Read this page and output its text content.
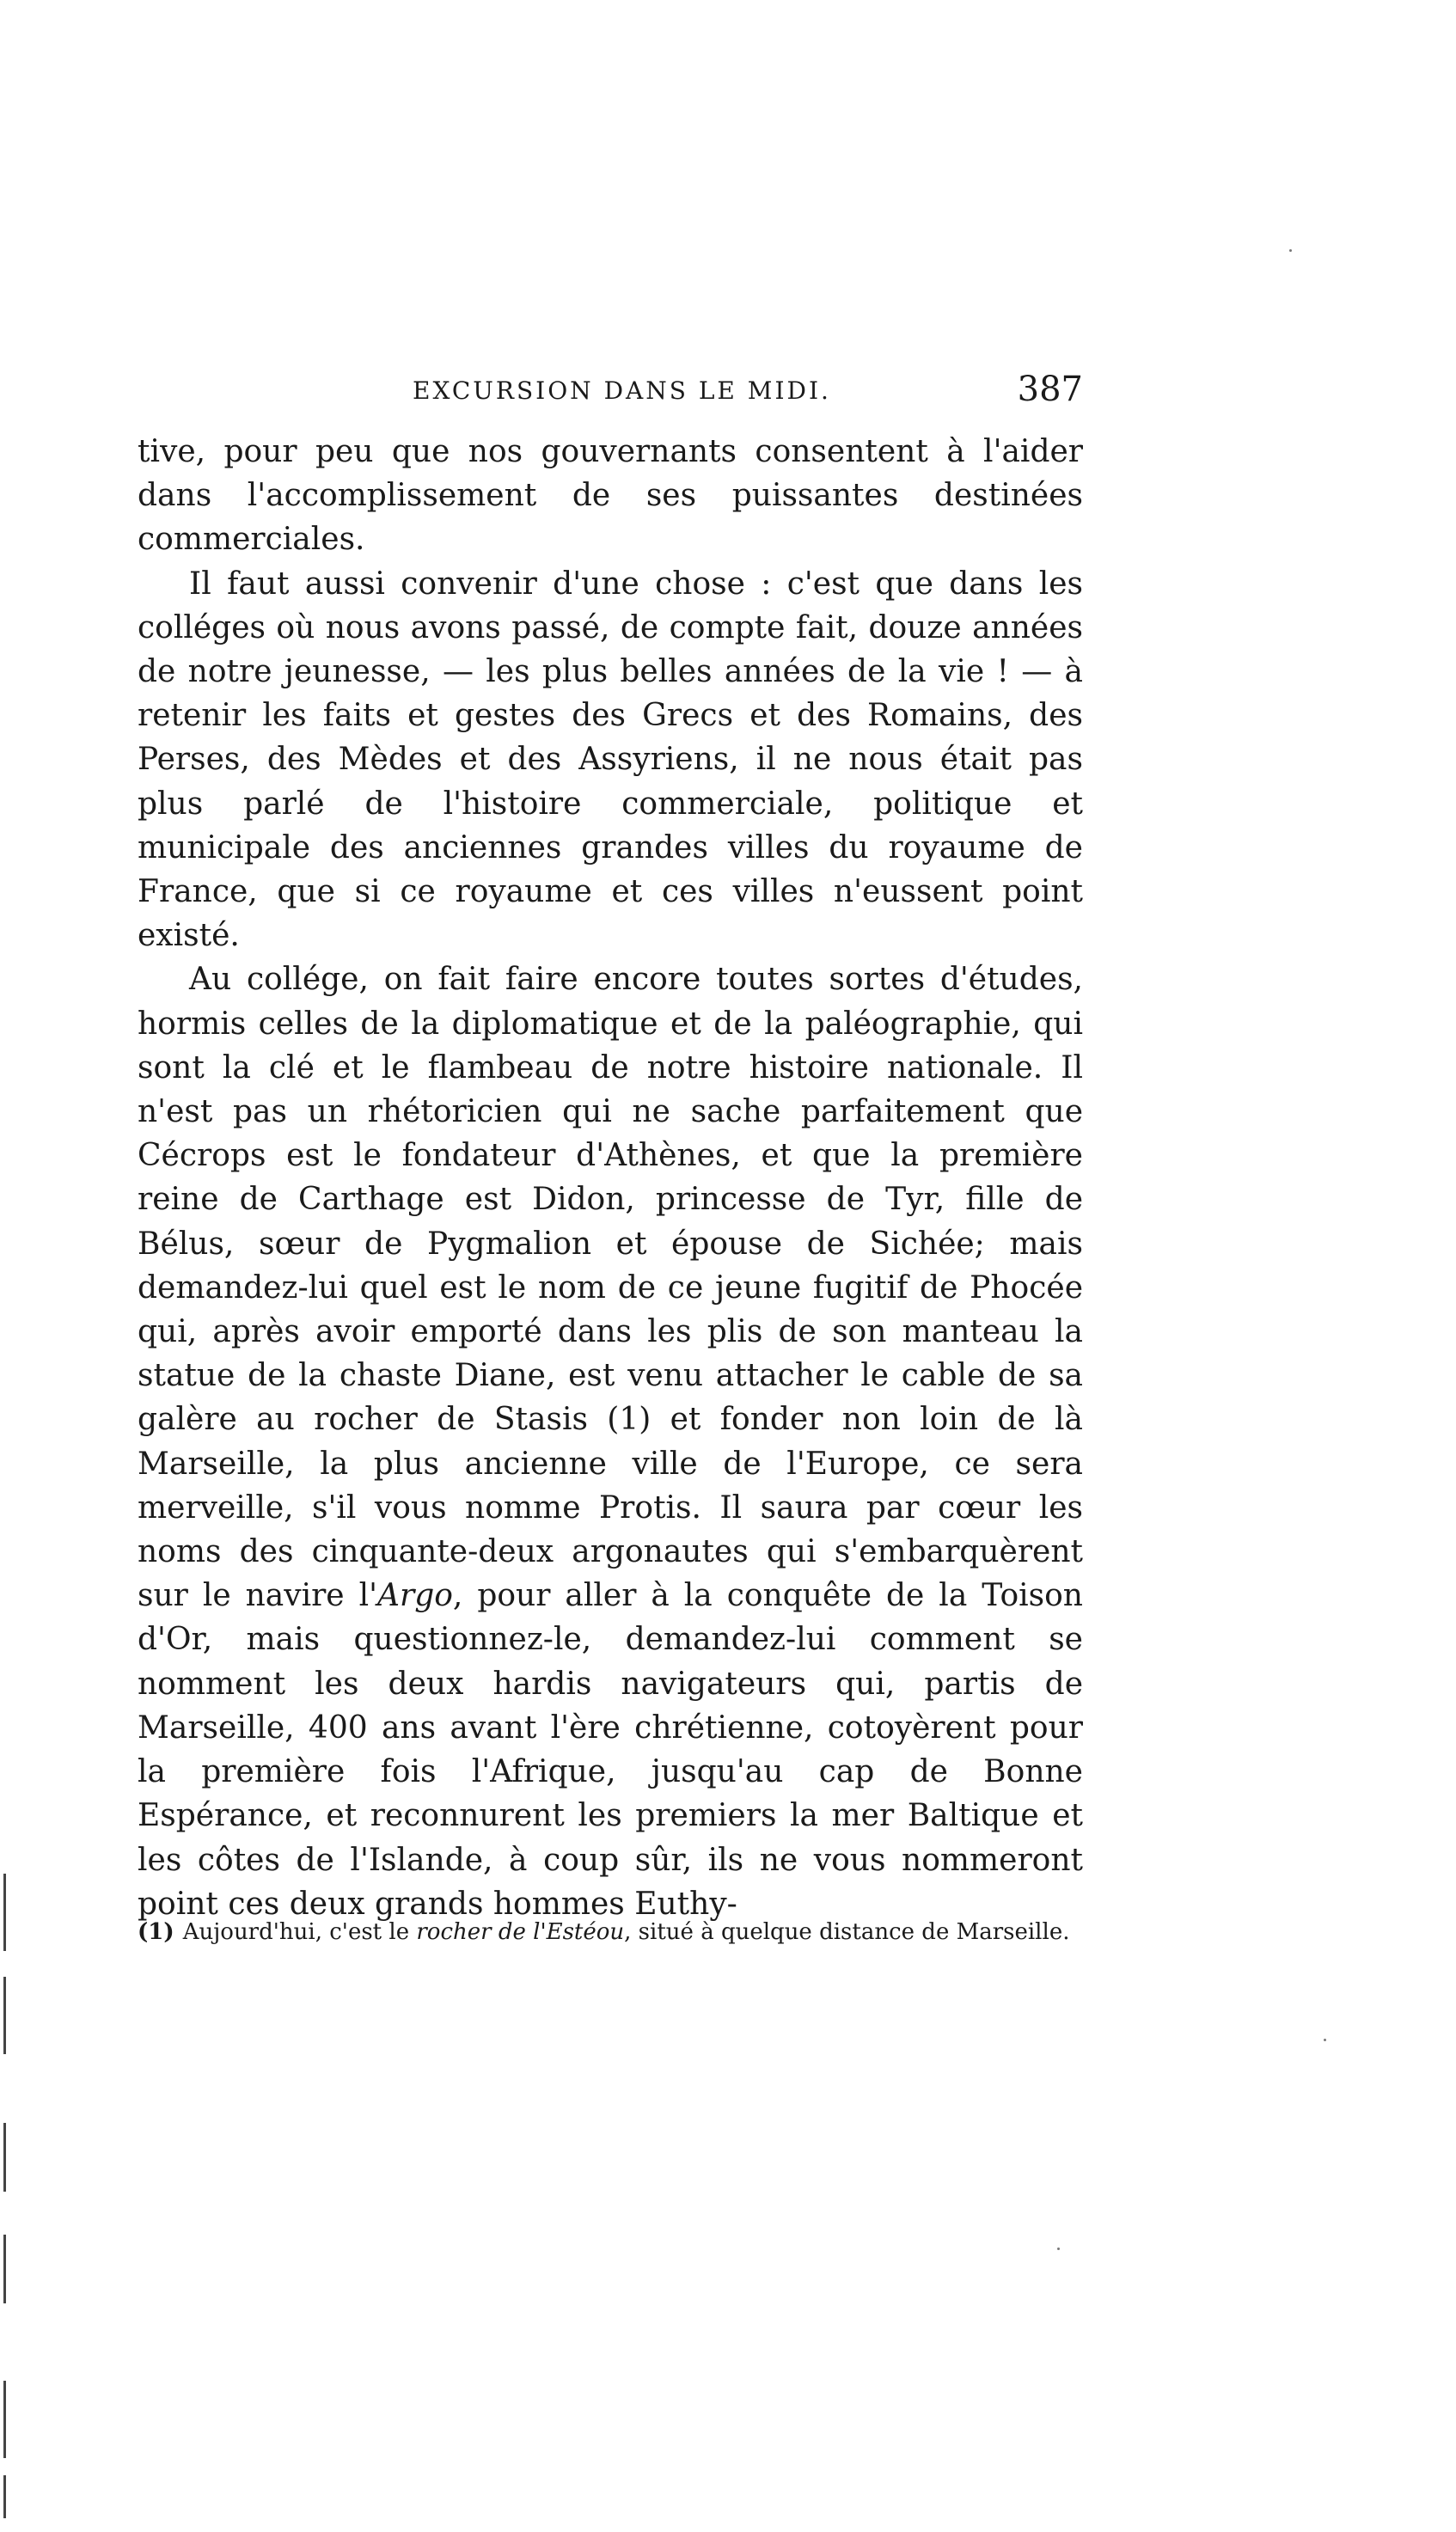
EXCURSION DANS LE MIDI.	387

tive, pour peu que nos gouvernants consentent à l'aider dans l'accomplissement de ses puissantes destinées commerciales.

Il faut aussi convenir d'une chose : c'est que dans les colléges où nous avons passé, de compte fait, douze années de notre jeunesse, — les plus belles années de la vie ! — à retenir les faits et gestes des Grecs et des Romains, des Perses, des Mèdes et des Assyriens, il ne nous était pas plus parlé de l'histoire commerciale, politique et municipale des anciennes grandes villes du royaume de France, que si ce royaume et ces villes n'eussent point existé.

Au collége, on fait faire encore toutes sortes d'études, hormis celles de la diplomatique et de la paléographie, qui sont la clé et le flambeau de notre histoire nationale. Il n'est pas un rhétoricien qui ne sache parfaitement que Cécrops est le fondateur d'Athènes, et que la première reine de Carthage est Didon, princesse de Tyr, fille de Bélus, sœur de Pygmalion et épouse de Sichée; mais demandez-lui quel est le nom de ce jeune fugitif de Phocée qui, après avoir emporté dans les plis de son manteau la statue de la chaste Diane, est venu attacher le cable de sa galère au rocher de Stasis (1) et fonder non loin de là Marseille, la plus ancienne ville de l'Europe, ce sera merveille, s'il vous nomme Protis. Il saura par cœur les noms des cinquante-deux argonautes qui s'embarquèrent sur le navire l'Argo, pour aller à la conquête de la Toison d'Or, mais questionnez-le, demandez-lui comment se nomment les deux hardis navigateurs qui, partis de Marseille, 400 ans avant l'ère chrétienne, cotoyèrent pour la première fois l'Afrique, jusqu'au cap de Bonne Espérance, et reconnurent les premiers la mer Baltique et les côtes de l'Islande, à coup sûr, ils ne vous nommeront point ces deux grands hommes Euthy-

(1) Aujourd'hui, c'est le rocher de l'Estéou, situé à quelque distance de Marseille.
